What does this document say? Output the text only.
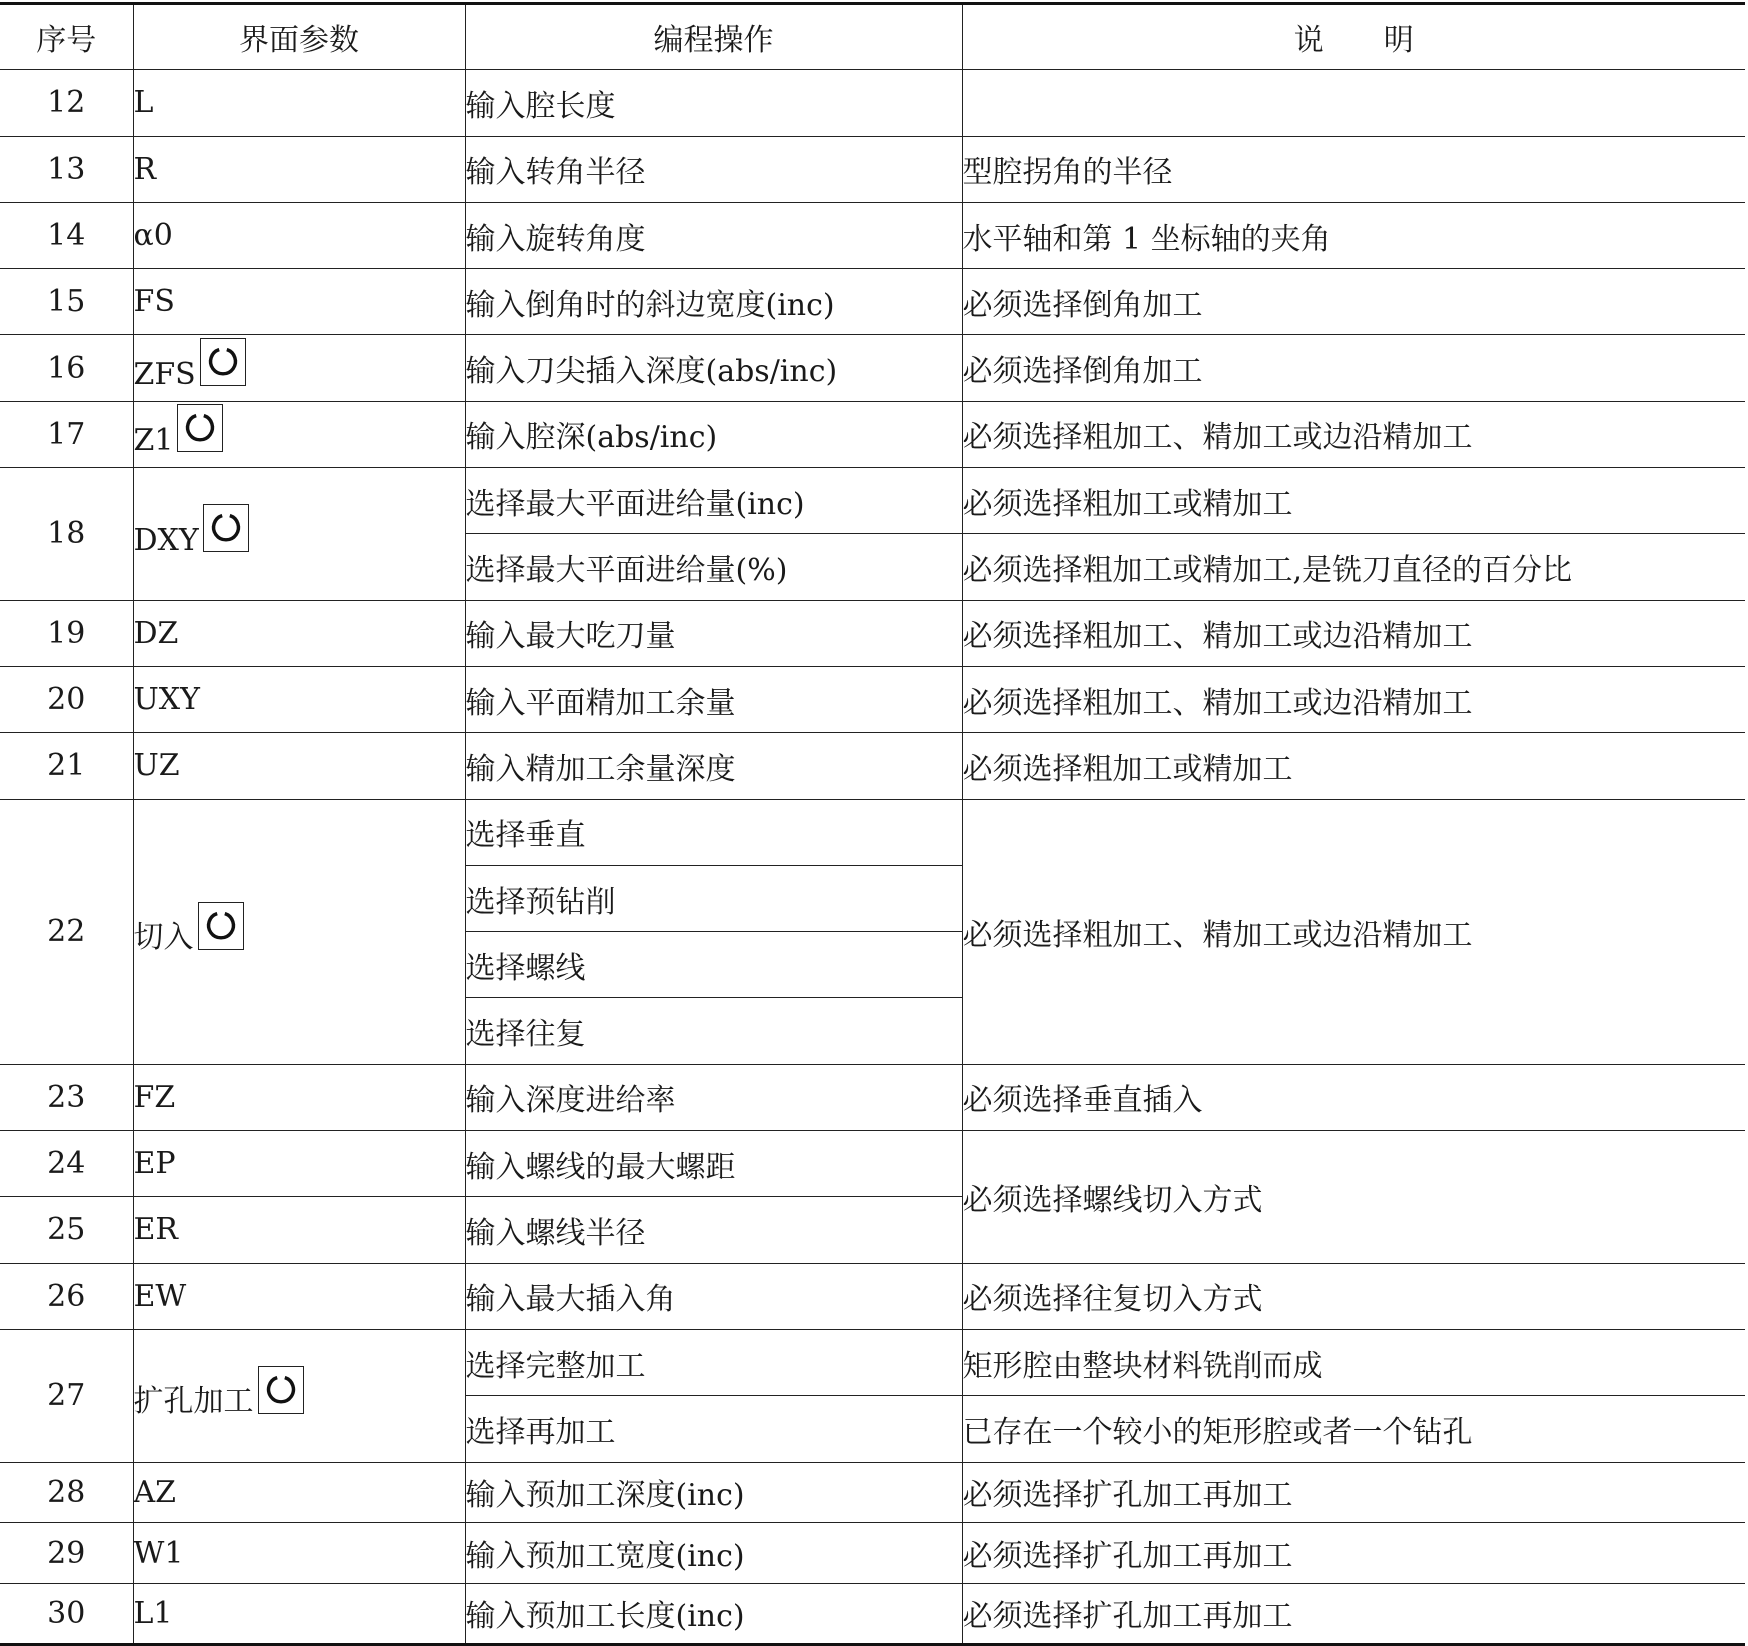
序号	界面参数	编程操作	说　　明
12	L	输入腔长度	
13	R	输入转角半径	型腔拐角的半径
14	α0	输入旋转角度	水平轴和第 1 坐标轴的夹角
15	FS	输入倒角时的斜边宽度(inc)	必须选择倒角加工
16	ZFS	输入刀尖插入深度(abs/inc)	必须选择倒角加工
17	Z1	输入腔深(abs/inc)	必须选择粗加工、精加工或边沿精加工
18	DXY	选择最大平面进给量(inc)	必须选择粗加工或精加工
		选择最大平面进给量(%)	必须选择粗加工或精加工,是铣刀直径的百分比
19	DZ	输入最大吃刀量	必须选择粗加工、精加工或边沿精加工
20	UXY	输入平面精加工余量	必须选择粗加工、精加工或边沿精加工
21	UZ	输入精加工余量深度	必须选择粗加工或精加工
22	切入	选择垂直	必须选择粗加工、精加工或边沿精加工
		选择预钻削	
		选择螺线	
		选择往复	
23	FZ	输入深度进给率	必须选择垂直插入
24	EP	输入螺线的最大螺距	必须选择螺线切入方式
25	ER	输入螺线半径	
26	EW	输入最大插入角	必须选择往复切入方式
27	扩孔加工	选择完整加工	矩形腔由整块材料铣削而成
		选择再加工	已存在一个较小的矩形腔或者一个钻孔
28	AZ	输入预加工深度(inc)	必须选择扩孔加工再加工
29	W1	输入预加工宽度(inc)	必须选择扩孔加工再加工
30	L1	输入预加工长度(inc)	必须选择扩孔加工再加工
